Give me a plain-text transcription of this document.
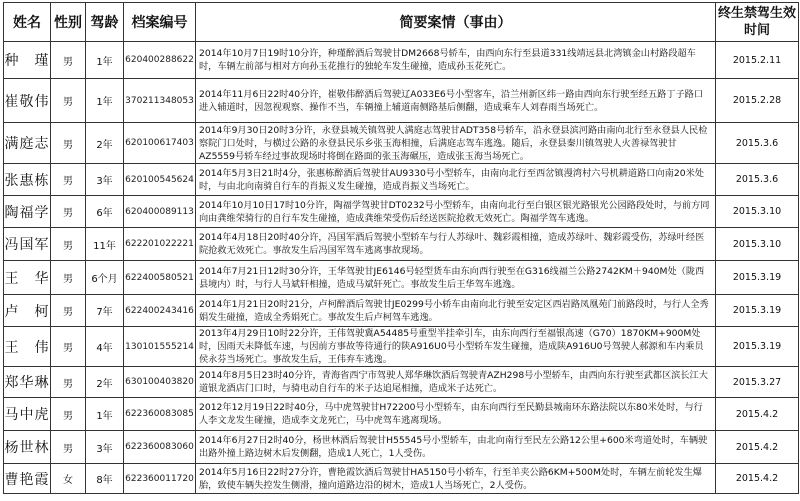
姓名	性别	驾龄	档案编号	简要案情（事由）	终生禁驾生效时间
种　瑾	男	1年	620400288622	2014年10月7日19时10分许，种瑾醉酒后驾驶甘DM2668号轿车，由西向东行至县道331线靖远县北湾镇金山村路段超车时，车辆左前部与相对方向孙玉花推行的独轮车发生碰撞，造成孙玉花死亡。	2015.2.11
崔敬伟	男	1年	370211348053	2014年11月6日22时40分许，崔敬伟醉酒后驾驶辽A033E6号小型客车，沿兰州新区纬一路由西向东行驶至经五路丁子路口进入辅道时，因忽视观察、操作不当，车辆撞上辅道南侧路基后侧翻，造成乘车人刘春雨当场死亡。	2015.2.28
满庭志	男	2年	620100617403	2014年9月30日20时3分许，永登县城关镇驾驶人满庭志驾驶甘ADT358号轿车，沿永登县滨河路由南向北行至永登县人民检察院门口处时，与横过公路的永登县民乐乡张玉海相撞，后满庭志驾车逃逸。随后，永登县秦川镇驾驶人火善禄驾驶甘AZ5559号轿车经过事故现场时将倒在路面的张玉海碾压，造成张玉海当场死亡。	2015.3.6
张惠栋	男	3年	620100545624	2014年5月3日21时4分，张惠栋醉酒后驾驶甘AU9330号小型轿车，由南向北行至西岔镇漫湾村六号机耕道路口向南20米处时，与由北向南骑自行车的肖振义发生碰撞，造成肖振义当场死亡。	2015.3.6
陶福学	男	6年	620400089113	2014年10月10日17时10分许，陶福学驾驶甘DT0232号小型轿车，由南向北行至白银区银光路银光公园路段处时，与前方同向由龚维荣骑行的自行车发生碰撞，造成龚维荣受伤后经送医院抢救无效死亡。陶福学驾车逃逸。	2015.3.10
冯国军	男	11年	622201022221	2014年4月18日20时40分许，冯国军酒后驾驶小型轿车与行人苏绿叶、魏彩霞相撞，造成苏绿叶、魏彩霞受伤，苏绿叶经医院抢救无效死亡。事故发生后冯国军驾车逃离事故现场。	2015.3.10
王　华	男	6个月	622400580521	2014年7月21日12时30分许，王华驾驶甘JE6146号轻型货车由东向西行驶至在G316线福兰公路2742KM＋940M处（陇西县境内）时，与行人马斌轩相撞，造成马斌轩死亡。事故发生后王华驾车逃逸。	2015.3.19
卢　柯	男	7年	622400243416	2014年1月21日20时21分，卢柯醉酒后驾驶甘JE0299号小轿车由南向北行驶至安定区西岩路凤凰苑门前路段时，与行人全秀娟发生碰撞，造成全秀娟死亡。事故发生后卢柯驾车逃逸。	2015.3.19
王　伟	男	4年	130101555214	2013年4月29日10时22分许，王伟驾驶冀A54485号重型半挂牵引车，由东向西行至福银高速（G70）1870KM+900M处时，因雨天未降低车速，与因前方事故等待通行的陕A916U0号小型轿车发生碰撞，造成陕A916U0号驾驶人郝源和车内乘员侯永芬当场死亡。事故发生后，王伟弃车逃逸。	2015.3.19
郑华琳	男	2年	630100403820	2014年8月5日23时40分许，青海省西宁市驾驶人郑华琳饮酒后驾驶青AZH298号小型轿车，由西向东行驶至武都区滨长江大道银龙酒店门口时，与骑电动自行车的米子达追尾相撞，造成米子达死亡。	2015.3.27
马中虎	男	1年	622360083085	2012年12月19日22时40分，马中虎驾驶甘H72200号小型轿车，由东向西行至民勤县城南环东路法院以东80米处时，与行人李文龙发生碰撞，造成李文龙死亡，马中虎驾车逃离现场。	2015.4.2
杨世林	男	3年	622360083060	2014年6月27日2时40分，杨世林酒后驾驶甘H55545号小型轿车，由北向南行至民左公路12公里+600米弯道处时，车辆驶出路外撞上路边树木后发侧翻，造成1人死亡，1人受伤。	2015.4.2
曹艳霞	女	8年	622360011720	2014年5月16日22时27分许，曹艳霞饮酒后驾驶甘HA5150号小轿车，行至羊夹公路6KM+500M处时，车辆左前轮发生爆胎，致使车辆失控发生侧滑，撞向道路边沿的树木，造成1人当场死亡，2人受伤。	2015.4.2
